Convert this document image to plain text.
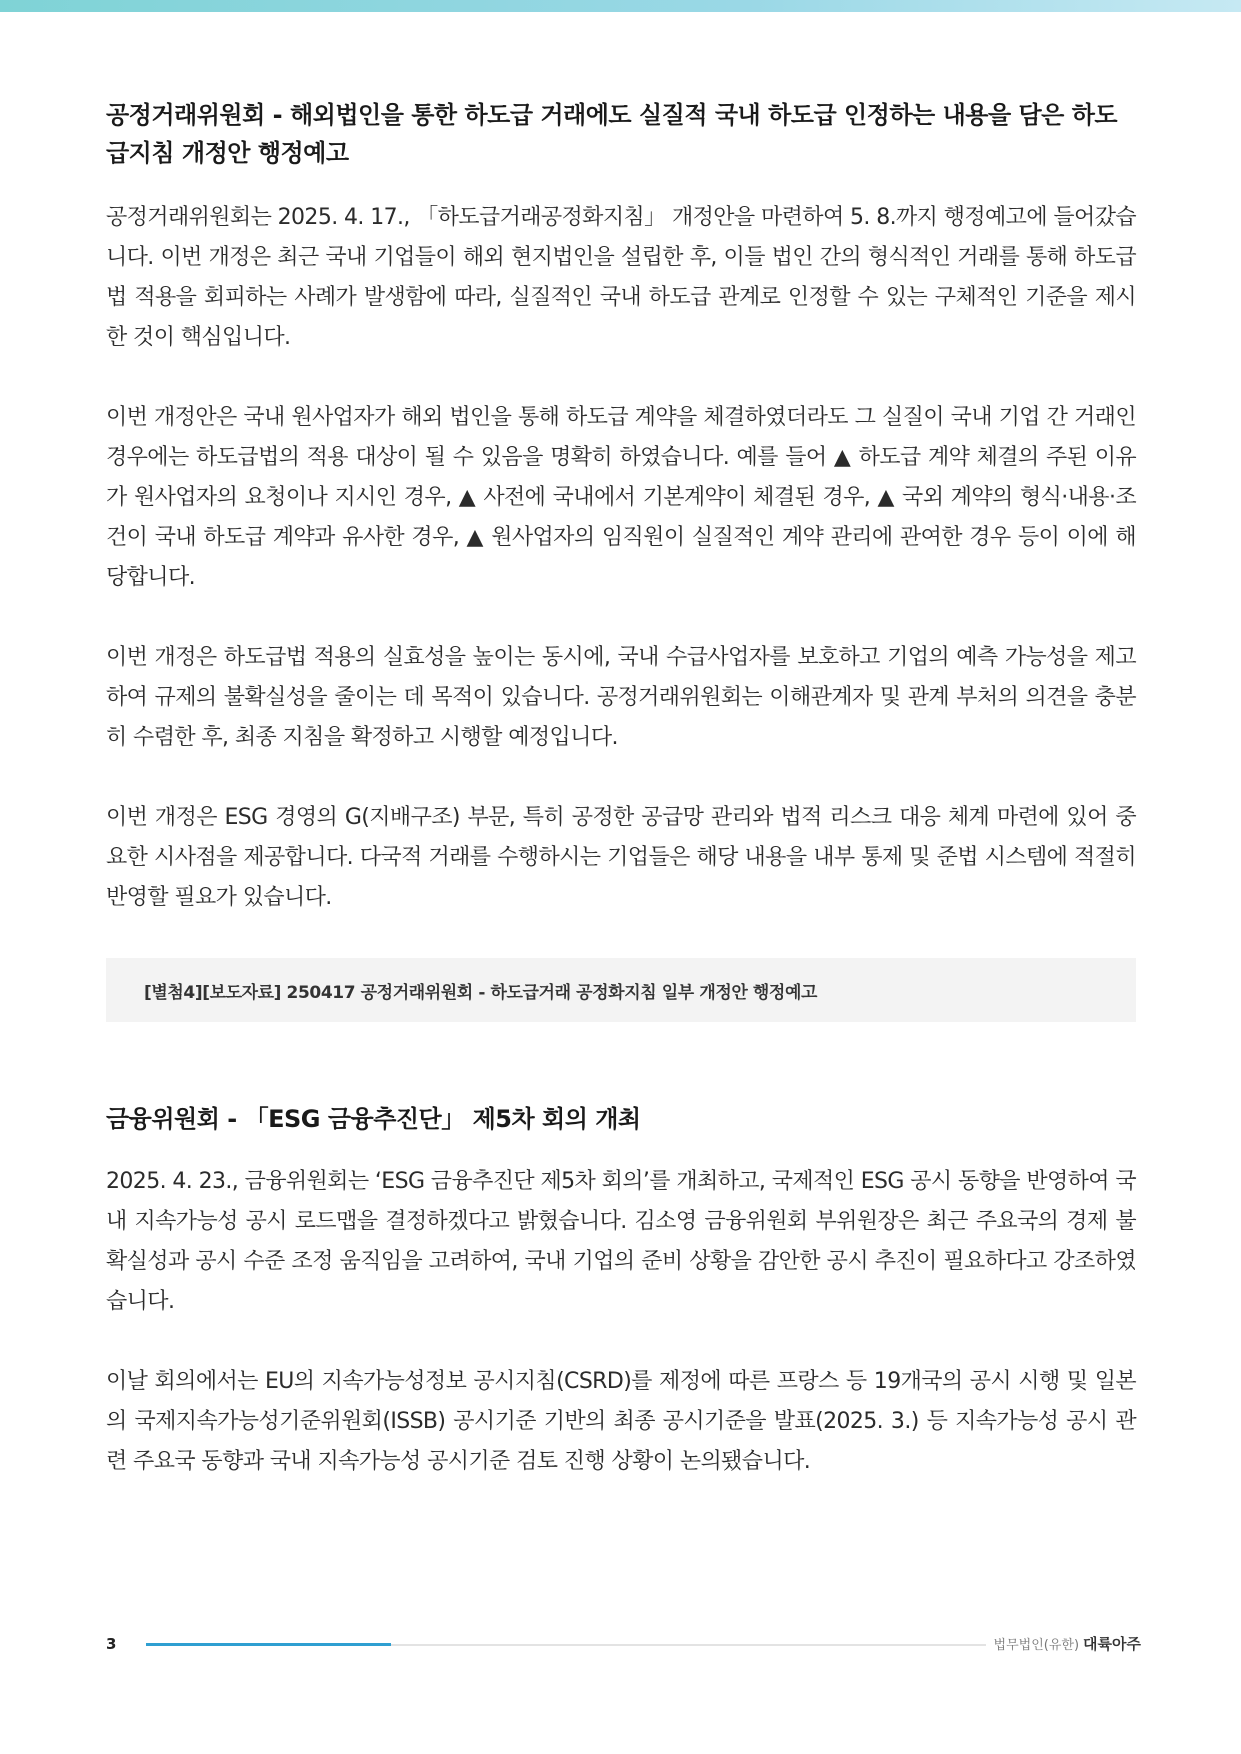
공정거래위원회 - 해외법인을 통한 하도급 거래에도 실질적 국내 하도급 인정하는 내용을 담은 하도급지침 개정안 행정예고

공정거래위원회는 2025. 4. 17., 「하도급거래공정화지침」 개정안을 마련하여 5. 8.까지 행정예고에 들어갔습니다. 이번 개정은 최근 국내 기업들이 해외 현지법인을 설립한 후, 이들 법인 간의 형식적인 거래를 통해 하도급법 적용을 회피하는 사례가 발생함에 따라, 실질적인 국내 하도급 관계로 인정할 수 있는 구체적인 기준을 제시한 것이 핵심입니다.

이번 개정안은 국내 원사업자가 해외 법인을 통해 하도급 계약을 체결하였더라도 그 실질이 국내 기업 간 거래인 경우에는 하도급법의 적용 대상이 될 수 있음을 명확히 하였습니다. 예를 들어 ▲ 하도급 계약 체결의 주된 이유가 원사업자의 요청이나 지시인 경우, ▲ 사전에 국내에서 기본계약이 체결된 경우, ▲ 국외 계약의 형식·내용·조건이 국내 하도급 계약과 유사한 경우, ▲ 원사업자의 임직원이 실질적인 계약 관리에 관여한 경우 등이 이에 해당합니다.

이번 개정은 하도급법 적용의 실효성을 높이는 동시에, 국내 수급사업자를 보호하고 기업의 예측 가능성을 제고하여 규제의 불확실성을 줄이는 데 목적이 있습니다. 공정거래위원회는 이해관계자 및 관계 부처의 의견을 충분히 수렴한 후, 최종 지침을 확정하고 시행할 예정입니다.

이번 개정은 ESG 경영의 G(지배구조) 부문, 특히 공정한 공급망 관리와 법적 리스크 대응 체계 마련에 있어 중요한 시사점을 제공합니다. 다국적 거래를 수행하시는 기업들은 해당 내용을 내부 통제 및 준법 시스템에 적절히 반영할 필요가 있습니다.

[별첨4][보도자료] 250417 공정거래위원회 - 하도급거래 공정화지침 일부 개정안 행정예고
금융위원회 - 「ESG 금융추진단」 제5차 회의 개최

2025. 4. 23., 금융위원회는 ‘ESG 금융추진단 제5차 회의’를 개최하고, 국제적인 ESG 공시 동향을 반영하여 국내 지속가능성 공시 로드맵을 결정하겠다고 밝혔습니다. 김소영 금융위원회 부위원장은 최근 주요국의 경제 불확실성과 공시 수준 조정 움직임을 고려하여, 국내 기업의 준비 상황을 감안한 공시 추진이 필요하다고 강조하였습니다.

이날 회의에서는 EU의 지속가능성정보 공시지침(CSRD)를 제정에 따른 프랑스 등 19개국의 공시 시행 및 일본의 국제지속가능성기준위원회(ISSB) 공시기준 기반의 최종 공시기준을 발표(2025. 3.) 등 지속가능성 공시 관련 주요국 동향과 국내 지속가능성 공시기준 검토 진행 상황이 논의됐습니다.

3	법무법인(유한) 대륙아주
